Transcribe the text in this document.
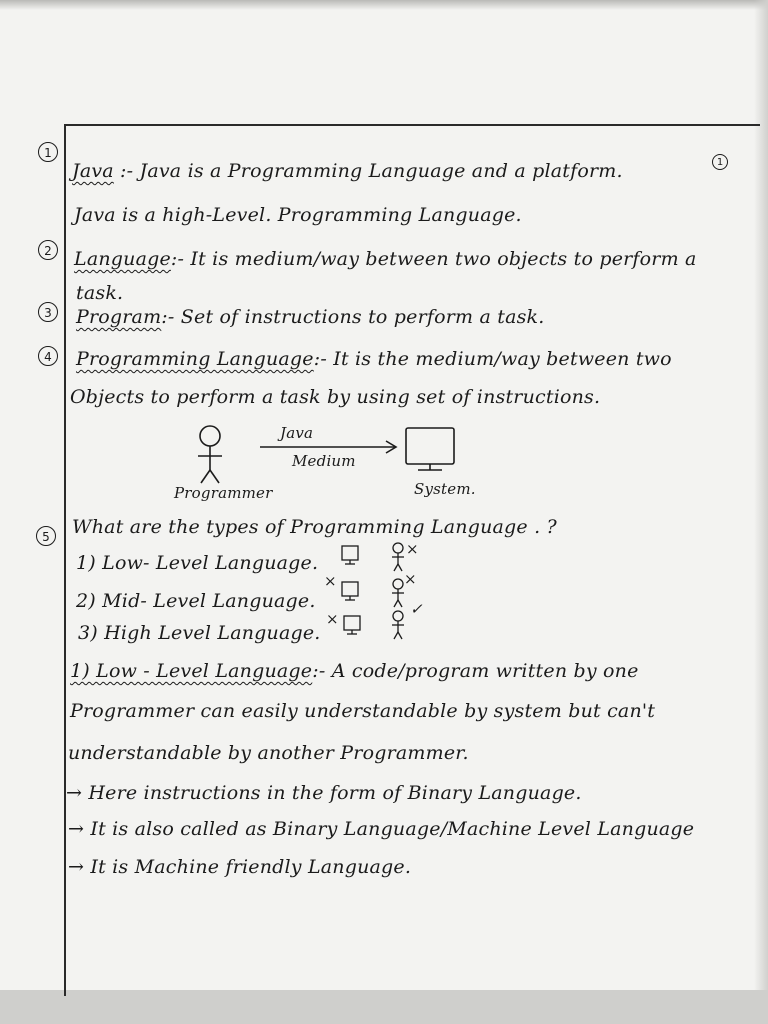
1
1
Java :- Java is a Programming Language and a platform.
Java is a high-Level. Programming Language.
2	Language:- It is medium/way between two objects to perform a
task.
3	Program:- Set of instructions to perform a task.
4	Programming Language:- It is the medium/way between two
Objects to perform a task by using set of instructions.
Java
Medium
Programmer	System.
5	What are the types of Programming Language . ?
1) Low- Level Language.
2) Mid- Level Language.
3) High Level Language.
×
×	×
×
✓
1) Low - Level Language:- A code/program written by one
Programmer can easily understandable by system but can't
understandable by another Programmer.
→ Here instructions in the form of Binary Language.
→ It is also called as Binary Language/Machine Level Language
→ It is Machine friendly Language.
